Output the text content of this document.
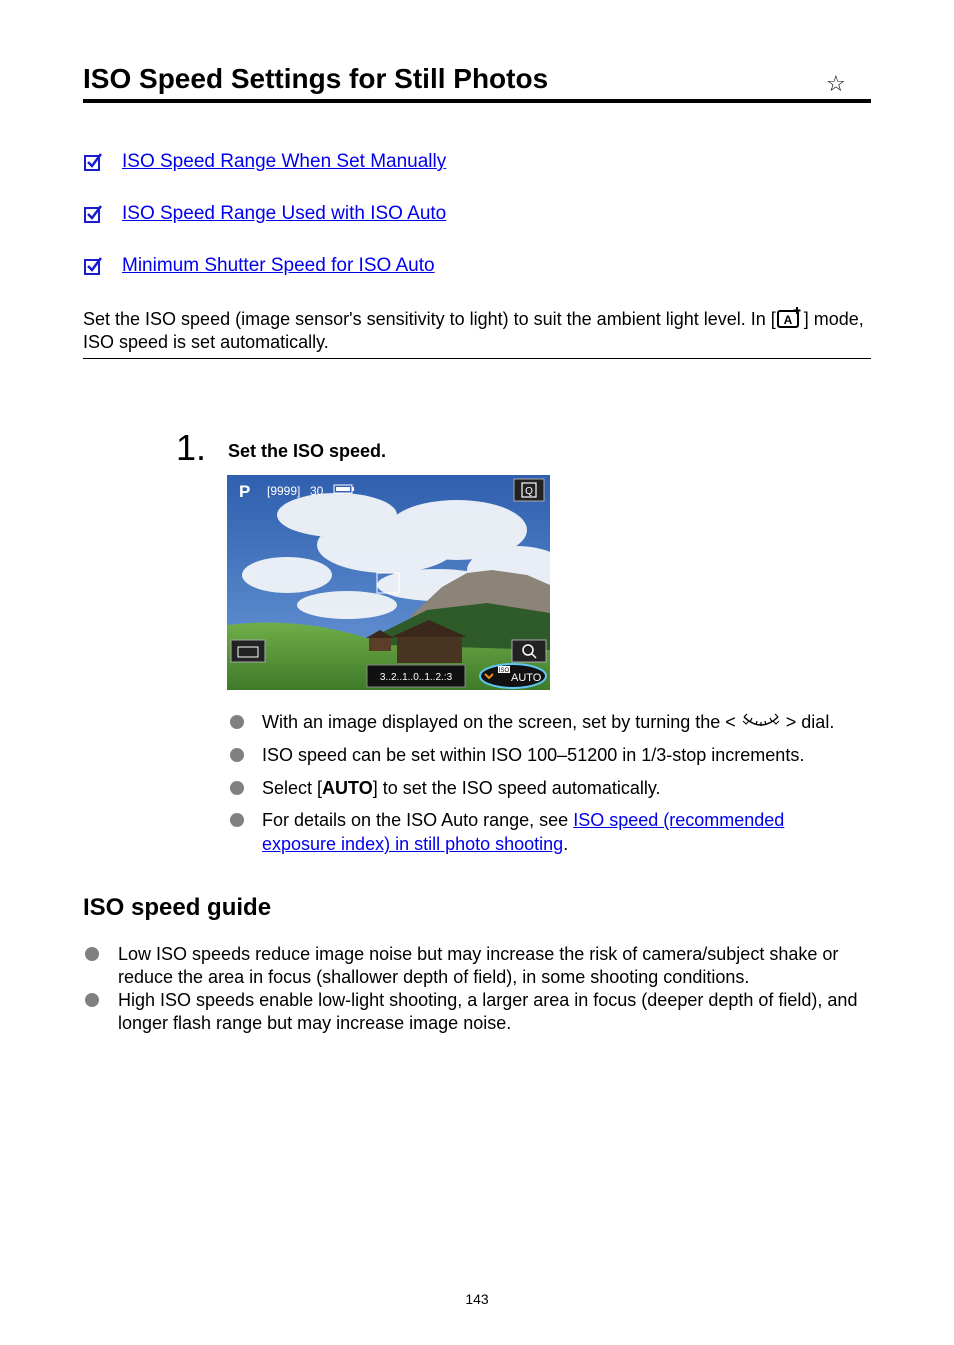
ISO Speed Settings for Still Photos	☆
ISO Speed Range When Set Manually
ISO Speed Range Used with ISO Auto
Minimum Shutter Speed for ISO Auto
Set the ISO speed (image sensor's sensitivity to light) to suit the ambient light level. In [ A ] mode, ISO speed is set automatically.
1. Set the ISO speed.
P [9999] 30	Q
3..2..1..0..1..2.:3
ISO
AUTO
With an image displayed on the screen, set by turning the <  > dial.
ISO speed can be set within ISO 100–51200 in 1/3-stop increments.
Select [AUTO] to set the ISO speed automatically.
For details on the ISO Auto range, see ISO speed (recommended exposure index) in still photo shooting.
ISO speed guide
Low ISO speeds reduce image noise but may increase the risk of camera/subject shake or reduce the area in focus (shallower depth of field), in some shooting conditions.
High ISO speeds enable low-light shooting, a larger area in focus (deeper depth of field), and longer flash range but may increase image noise.
143
